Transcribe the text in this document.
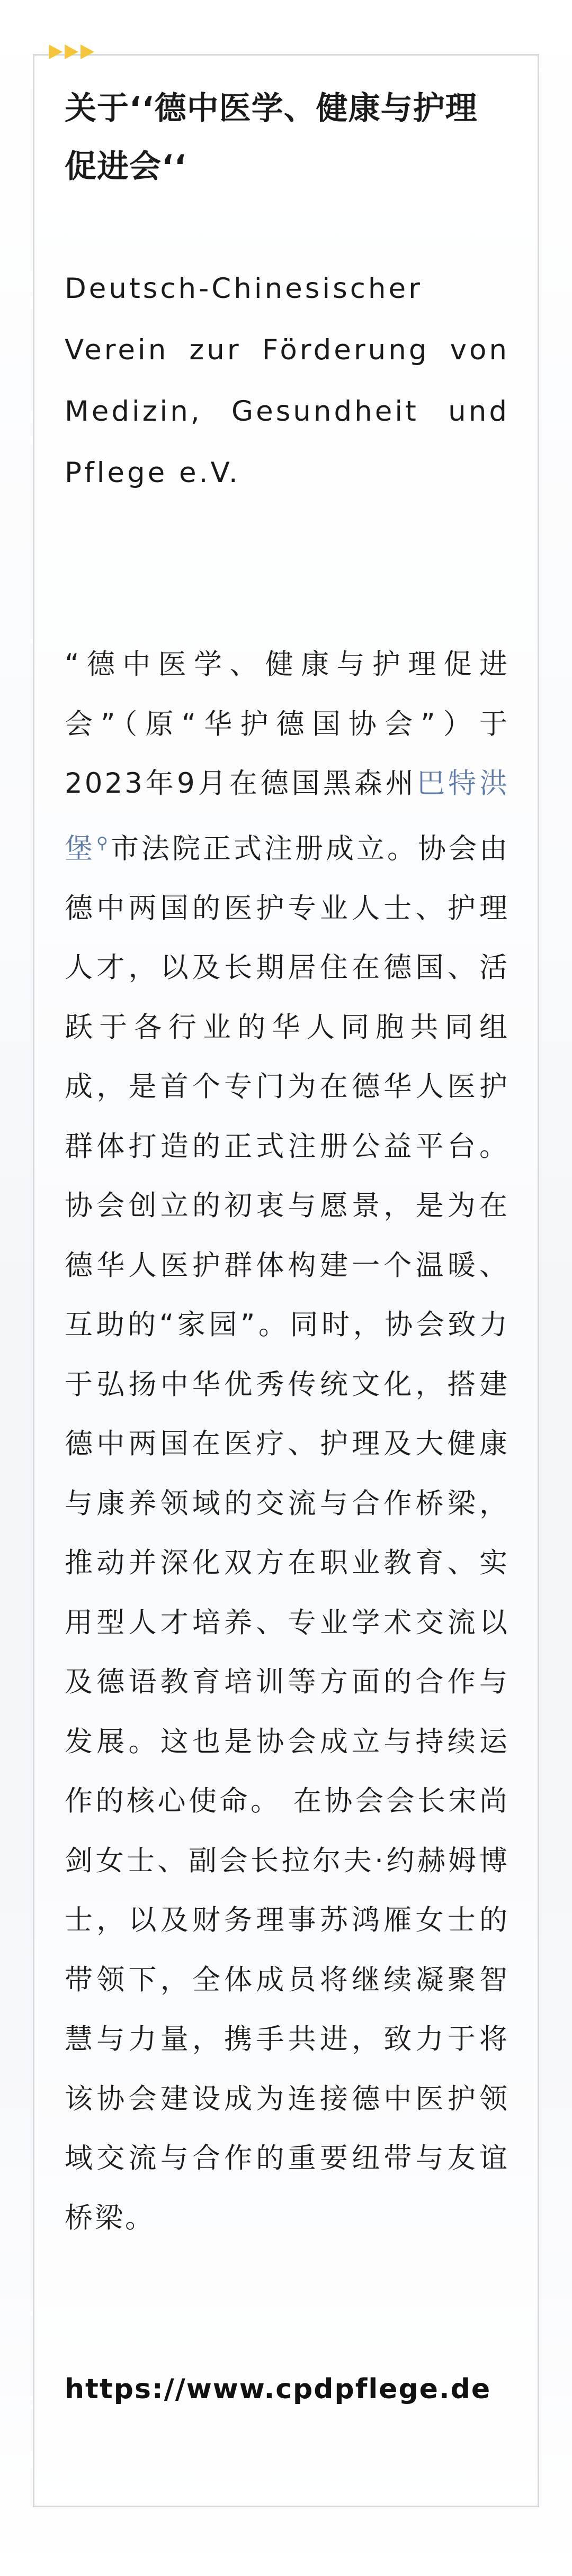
关于‘‘德中医学、健康与护理促进会‘‘

Deutsch-Chinesischer Verein zur Förderung von Medizin, Gesundheit und Pflege e.V.

“德中医学、健康与护理促进会”（原“华护德国协会”）于2023年9月在德国黑森州巴特洪堡⚲市法院正式注册成立。协会由德中两国的医护专业人士、护理人才，以及长期居住在德国、活跃于各行业的华人同胞共同组成，是首个专门为在德华人医护群体打造的正式注册公益平台。 协会创立的初衷与愿景，是为在德华人医护群体构建一个温暖、互助的“家园”。同时，协会致力于弘扬中华优秀传统文化，搭建德中两国在医疗、护理及大健康与康养领域的交流与合作桥梁，推动并深化双方在职业教育、实用型人才培养、专业学术交流以及德语教育培训等方面的合作与发展。这也是协会成立与持续运作的核心使命。 在协会会长宋尚剑女士、副会长拉尔夫·约赫姆博士，以及财务理事苏鸿雁女士的带领下，全体成员将继续凝聚智慧与力量，携手共进，致力于将该协会建设成为连接德中医护领域交流与合作的重要纽带与友谊桥梁。

https://www.cpdpflege.de
